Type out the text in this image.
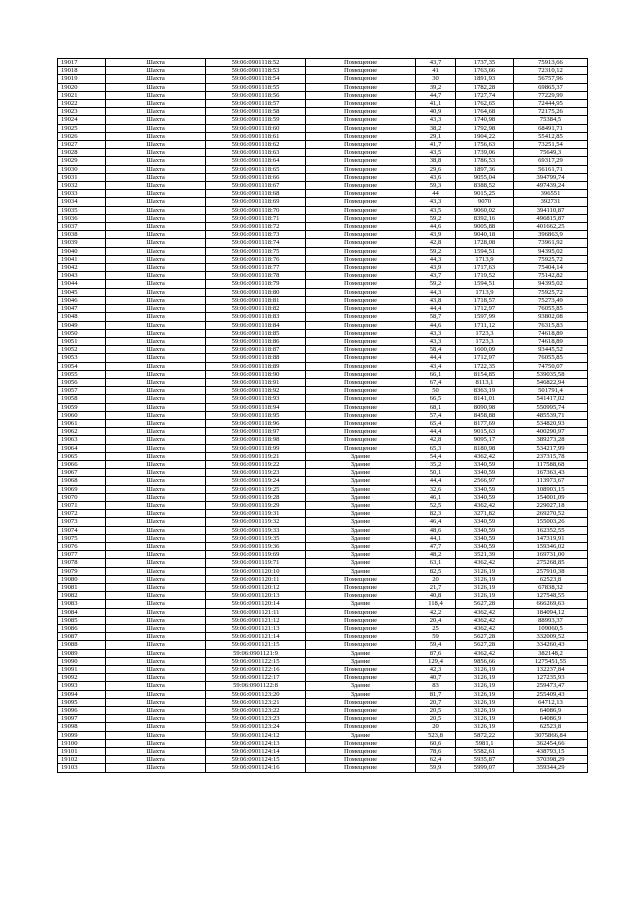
19017	Шахта	59:06:0901118:52	Помещение	43,7	1737,35	75913,66
19018	Шахта	59:06:0901118:53	Помещение	41	1763,66	72310,12
19019	Шахта	59:06:0901118:54	Помещение	30	1891,93	56757,96
19020	Шахта	59:06:0901118:55	Помещение	39,2	1782,28	69865,37
19021	Шахта	59:06:0901118:56	Помещение	44,7	1727,74	77229,99
19022	Шахта	59:06:0901118:57	Помещение	41,1	1762,65	72444,95
19023	Шахта	59:06:0901118:58	Помещение	40,9	1764,68	72175,26
19024	Шахта	59:06:0901118:59	Помещение	43,3	1740,98	75384,5
19025	Шахта	59:06:0901118:60	Помещение	38,2	1792,98	68491,71
19026	Шахта	59:06:0901118:61	Помещение	29,1	1904,22	55412,85
19027	Шахта	59:06:0901118:62	Помещение	41,7	1756,63	73251,54
19028	Шахта	59:06:0901118:63	Помещение	43,5	1739,06	75649,3
19029	Шахта	59:06:0901118:64	Помещение	38,8	1786,53	69317,29
19030	Шахта	59:06:0901118:65	Помещение	29,6	1897,36	56161,71
19031	Шахта	59:06:0901118:66	Помещение	43,6	9055,04	394799,74
19032	Шахта	59:06:0901118:67	Помещение	59,3	8388,52	497439,24
19033	Шахта	59:06:0901118:68	Помещение	44	9015,25	396551
19034	Шахта	59:06:0901118:69	Помещение	43,3	9070	392731
19035	Шахта	59:06:0901118:70	Помещение	43,5	9060,02	394110,87
19036	Шахта	59:06:0901118:71	Помещение	59,2	8392,16	496815,87
19037	Шахта	59:06:0901118:72	Помещение	44,6	9005,88	401662,25
19038	Шахта	59:06:0901118:73	Помещение	43,9	9040,18	396863,9
19039	Шахта	59:06:0901118:74	Помещение	42,8	1728,08	73961,92
19040	Шахта	59:06:0901118:75	Помещение	59,2	1594,51	94395,02
19041	Шахта	59:06:0901118:76	Помещение	44,3	1713,9	75925,72
19042	Шахта	59:06:0901118:77	Помещение	43,9	1717,63	75404,14
19043	Шахта	59:06:0901118:78	Помещение	43,7	1719,52	75142,82
19044	Шахта	59:06:0901118:79	Помещение	59,2	1594,51	94395,02
19045	Шахта	59:06:0901118:80	Помещение	44,3	1713,9	75925,72
19046	Шахта	59:06:0901118:81	Помещение	43,8	1718,57	75273,49
19047	Шахта	59:06:0901118:82	Помещение	44,4	1712,97	76055,85
19048	Шахта	59:06:0901118:83	Помещение	58,7	1597,99	93802,08
19049	Шахта	59:06:0901118:84	Помещение	44,6	1711,12	76315,83
19050	Шахта	59:06:0901118:85	Помещение	43,3	1723,3	74618,89
19051	Шахта	59:06:0901118:86	Помещение	43,3	1723,3	74618,89
19052	Шахта	59:06:0901118:87	Помещение	58,4	1600,09	93445,52
19053	Шахта	59:06:0901118:88	Помещение	44,4	1712,97	76055,85
19054	Шахта	59:06:0901118:89	Помещение	43,4	1722,35	74750,07
19055	Шахта	59:06:0901118:90	Помещение	66,1	8154,85	539035,58
19056	Шахта	59:06:0901118:91	Помещение	67,4	8113,1	546822,94
19057	Шахта	59:06:0901118:92	Помещение	50	8363,19	501791,4
19058	Шахта	59:06:0901118:93	Помещение	66,5	8141,01	541417,02
19059	Шахта	59:06:0901118:94	Помещение	68,1	8090,98	550995,74
19060	Шахта	59:06:0901118:95	Помещение	57,4	8458,88	485539,71
19061	Шахта	59:06:0901118:96	Помещение	65,4	8177,69	534820,93
19062	Шахта	59:06:0901118:97	Помещение	44,4	9015,63	400290,97
19063	Шахта	59:06:0901118:98	Помещение	42,8	9095,17	389273,28
19064	Шахта	59:06:0901118:99	Помещение	65,3	8180,98	534217,99
19065	Шахта	59:06:0901119:21	Здание	54,4	4362,42	237315,78
19066	Шахта	59:06:0901119:22	Здание	35,2	3340,59	117588,68
19067	Шахта	59:06:0901119:23	Здание	50,1	3340,59	167363,43
19068	Шахта	59:06:0901119:24	Здание	44,4	2566,97	113973,67
19069	Шахта	59:06:0901119:25	Здание	32,6	3340,59	108903,15
19070	Шахта	59:06:0901119:28	Здание	46,1	3340,59	154001,09
19071	Шахта	59:06:0901119:29	Здание	52,5	4362,42	229027,18
19072	Шахта	59:06:0901119:31	Здание	82,3	3271,82	269270,52
19073	Шахта	59:06:0901119:32	Здание	46,4	3340,59	155003,26
19074	Шахта	59:06:0901119:33	Здание	48,6	3340,59	162352,55
19075	Шахта	59:06:0901119:35	Здание	44,1	3340,59	147319,91
19076	Шахта	59:06:0901119:36	Здание	47,7	3340,59	159346,02
19077	Шахта	59:06:0901119:69	Здание	48,2	3521,39	169731,00
19078	Шахта	59:06:0901119:71	Здание	63,1	4362,42	275268,85
19079	Шахта	59:06:0901120:10	Здание	82,5	3126,19	257910,38
19080	Шахта	59:06:0901120:11	Помещение	20	3126,19	62523,8
19081	Шахта	59:06:0901120:12	Помещение	21,7	3126,19	67838,32
19082	Шахта	59:06:0901120:13	Помещение	40,8	3126,19	127548,55
19083	Шахта	59:06:0901120:14	Здание	118,4	5627,28	666269,63
19084	Шахта	59:06:0901121:11	Помещение	42,2	4362,42	184094,12
19085	Шахта	59:06:0901121:12	Помещение	20,4	4362,42	88993,37
19086	Шахта	59:06:0901121:13	Помещение	25	4362,42	109060,5
19087	Шахта	59:06:0901121:14	Помещение	59	5627,28	332009,52
19088	Шахта	59:06:0901121:15	Помещение	59,4	5627,28	334260,43
19089	Шахта	59:06:0901121:9	Здание	87,6	4362,42	382148,2
19090	Шахта	59:06:0901122:15	Здание	129,4	9856,66	1275451,55
19091	Шахта	59:06:0901122:16	Помещение	42,3	3126,19	132237,84
19092	Шахта	59:06:0901122:17	Помещение	40,7	3126,19	127235,93
19093	Шахта	59:06:0901122:8	Здание	83	3126,19	259473,47
19094	Шахта	59:06:0901123:20	Здание	81,7	3126,19	255409,43
19095	Шахта	59:06:0901123:21	Помещение	20,7	3126,19	64712,13
19096	Шахта	59:06:0901123:22	Помещение	20,5	3126,19	64086,9
19097	Шахта	59:06:0901123:23	Помещение	20,5	3126,19	64086,9
19098	Шахта	59:06:0901123:24	Помещение	20	3126,19	62523,8
19099	Шахта	59:06:0901124:12	Здание	523,8	5872,22	3075866,84
19100	Шахта	59:06:0901124:13	Помещение	60,6	5981,1	362454,66
19101	Шахта	59:06:0901124:14	Помещение	78,6	5582,61	438793,15
19102	Шахта	59:06:0901124:15	Помещение	62,4	5935,87	370398,29
19103	Шахта	59:06:0901124:16	Помещение	59,9	5999,07	359344,29
